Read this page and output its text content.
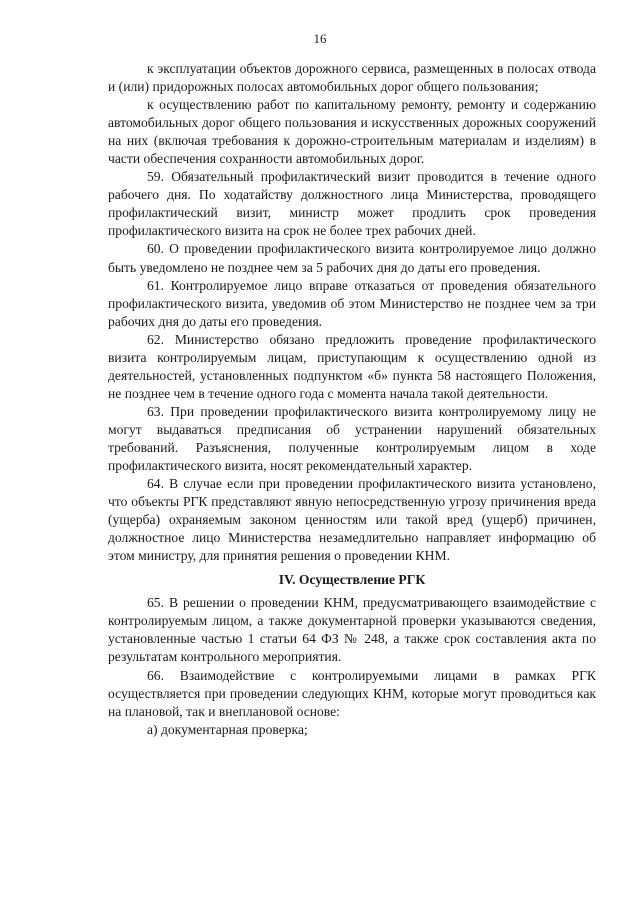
16

к эксплуатации объектов дорожного сервиса, размещенных в полосах отвода и (или) придорожных полосах автомобильных дорог общего пользования;

к осуществлению работ по капитальному ремонту, ремонту и содержанию автомобильных дорог общего пользования и искусственных дорожных сооружений на них (включая требования к дорожно-строительным материалам и изделиям) в части обеспечения сохранности автомобильных дорог.

59. Обязательный профилактический визит проводится в течение одного рабочего дня. По ходатайству должностного лица Министерства, проводящего профилактический визит, министр может продлить срок проведения профилактического визита на срок не более трех рабочих дней.

60. О проведении профилактического визита контролируемое лицо должно быть уведомлено не позднее чем за 5 рабочих дня до даты его проведения.

61. Контролируемое лицо вправе отказаться от проведения обязательного профилактического визита, уведомив об этом Министерство не позднее чем за три рабочих дня до даты его проведения.

62. Министерство обязано предложить проведение профилактического визита контролируемым лицам, приступающим к осуществлению одной из деятельностей, установленных подпунктом «б» пункта 58 настоящего Положения, не позднее чем в течение одного года с момента начала такой деятельности.

63. При проведении профилактического визита контролируемому лицу не могут выдаваться предписания об устранении нарушений обязательных требований. Разъяснения, полученные контролируемым лицом в ходе профилактического визита, носят рекомендательный характер.

64. В случае если при проведении профилактического визита установлено, что объекты РГК представляют явную непосредственную угрозу причинения вреда (ущерба) охраняемым законом ценностям или такой вред (ущерб) причинен, должностное лицо Министерства незамедлительно направляет информацию об этом министру, для принятия решения о проведении КНМ.

IV. Осуществление РГК

65. В решении о проведении КНМ, предусматривающего взаимодействие с контролируемым лицом, а также документарной проверки указываются сведения, установленные частью 1 статьи 64 ФЗ № 248, а также срок составления акта по результатам контрольного мероприятия.

66. Взаимодействие с контролируемыми лицами в рамках РГК осуществляется при проведении следующих КНМ, которые могут проводиться как на плановой, так и внеплановой основе:

а) документарная проверка;
